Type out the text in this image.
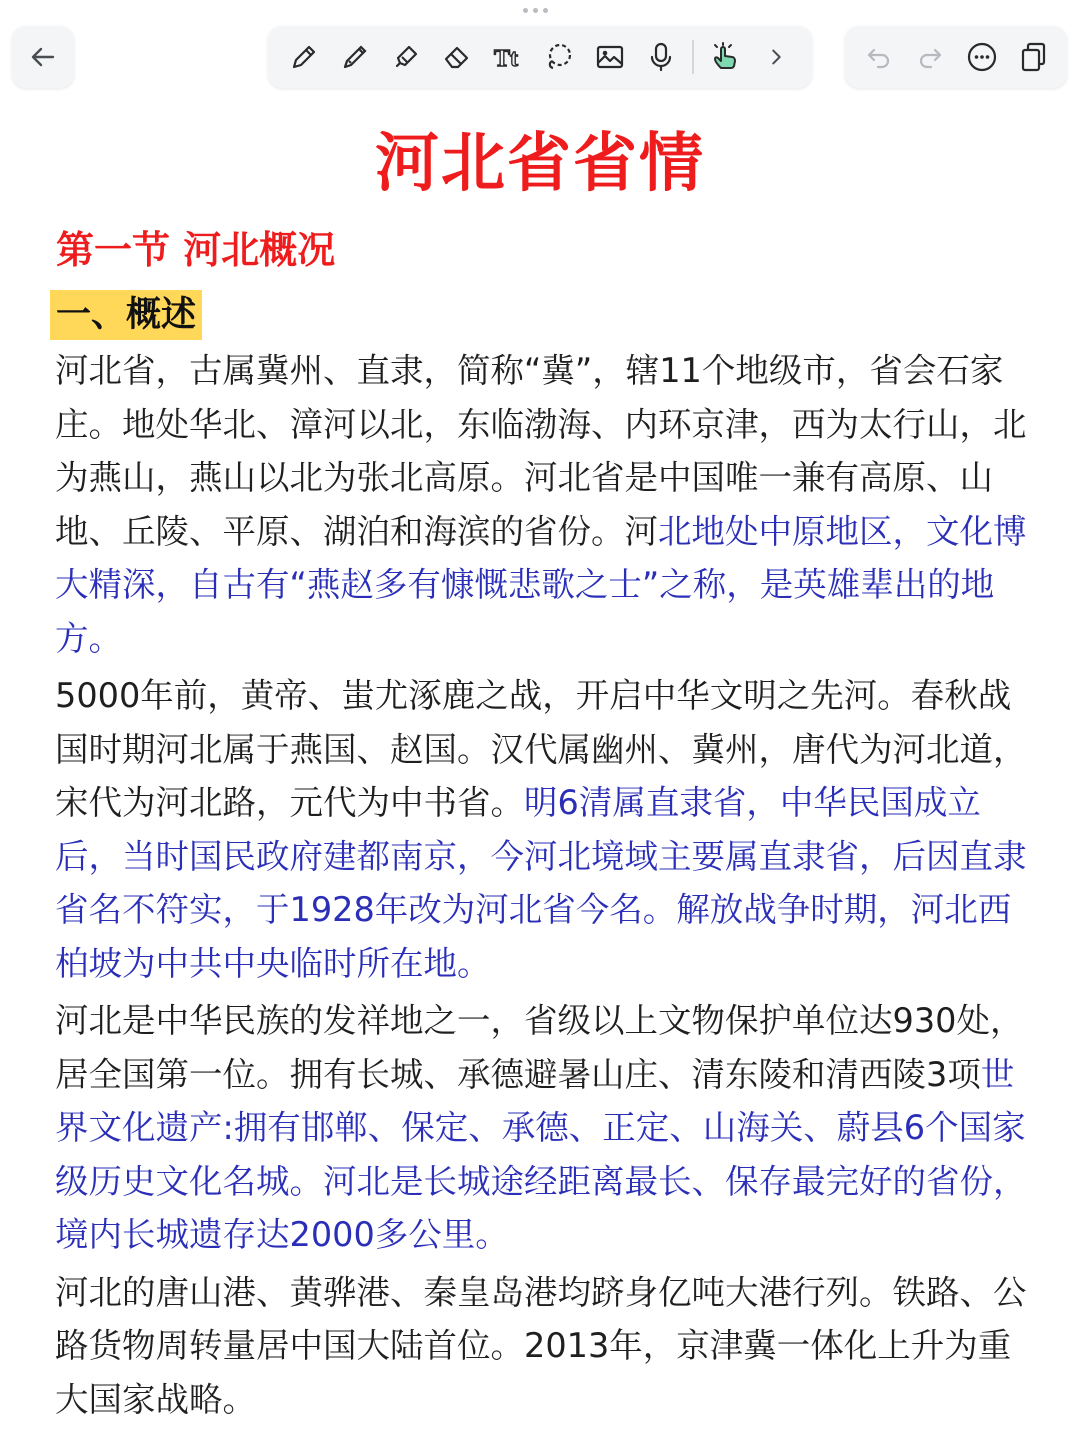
Tt
河北省省情
第一节 河北概况
一、概述

河北省，古属冀州、直隶，简称“冀”，辖11个地级市，省会石家庄。地处华北、漳河以北，东临渤海、内环京津，西为太行山，北为燕山，燕山以北为张北高原。河北省是中国唯一兼有高原、山地、丘陵、平原、湖泊和海滨的省份。河北地处中原地区，文化博大精深，自古有“燕赵多有慷慨悲歌之士”之称，是英雄辈出的地方。

5000年前，黄帝、蚩尤涿鹿之战，开启中华文明之先河。春秋战国时期河北属于燕国、赵国。汉代属幽州、冀州，唐代为河北道，宋代为河北路，元代为中书省。明6清属直隶省，中华民国成立后，当时国民政府建都南京，今河北境域主要属直隶省，后因直隶省名不符实，于1928年改为河北省今名。解放战争时期，河北西柏坡为中共中央临时所在地。

河北是中华民族的发祥地之一，省级以上文物保护单位达930处，居全国第一位。拥有长城、承德避暑山庄、清东陵和清西陵3项世界文化遗产:拥有邯郸、保定、承德、正定、山海关、蔚县6个国家级历史文化名城。河北是长城途经距离最长、保存最完好的省份，境内长城遗存达2000多公里。

河北的唐山港、黄骅港、秦皇岛港均跻身亿吨大港行列。铁路、公路货物周转量居中国大陆首位。2013年，京津冀一体化上升为重大国家战略。
